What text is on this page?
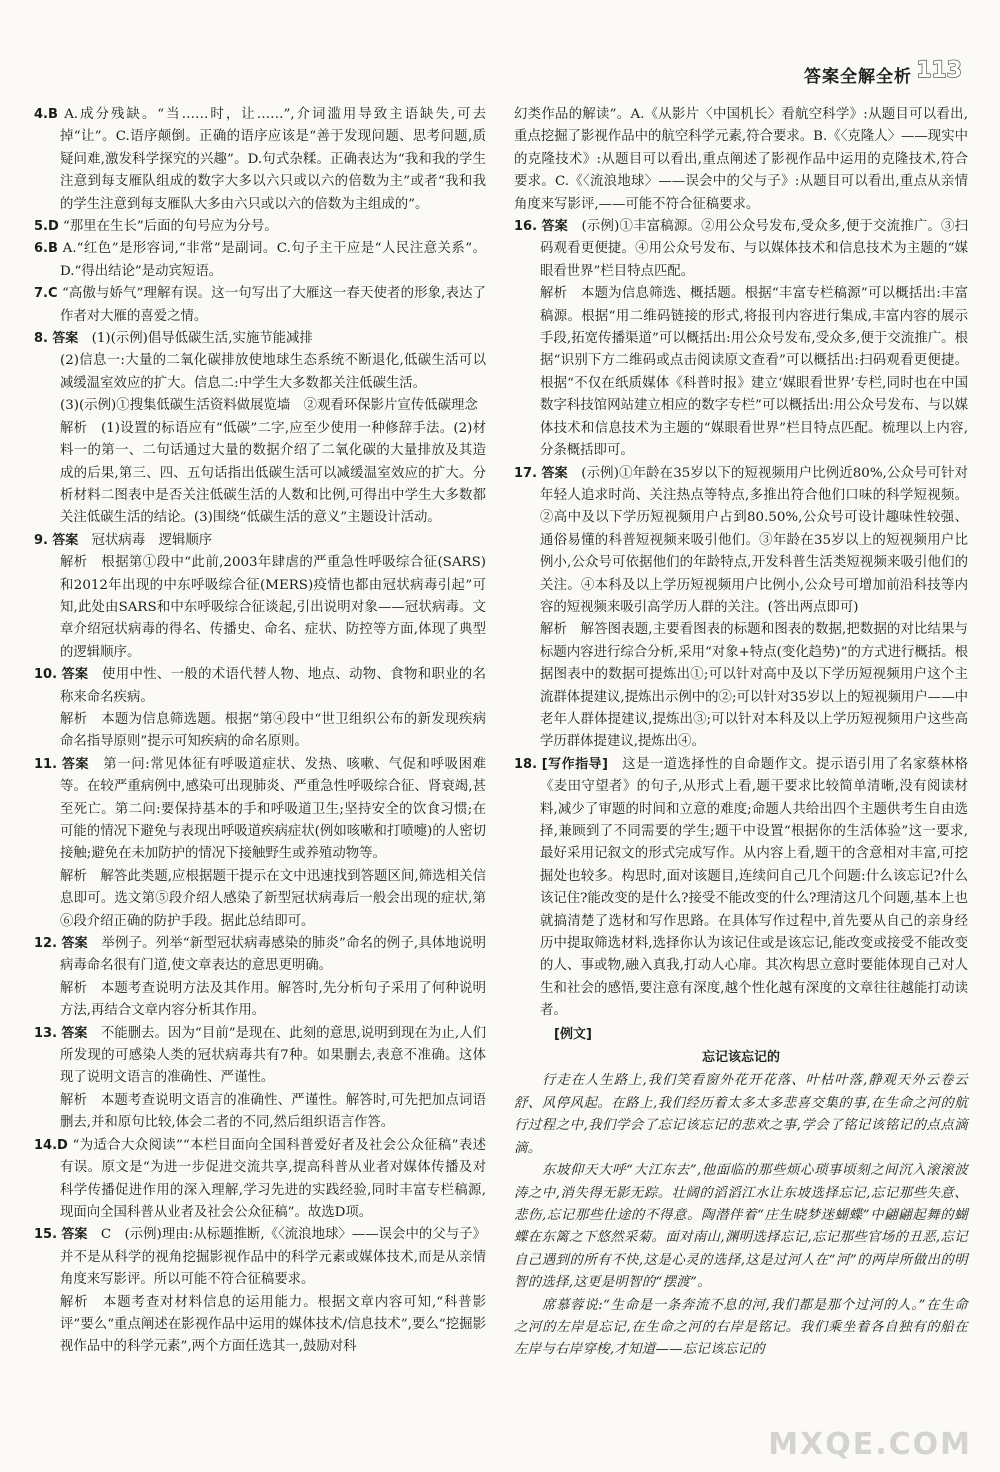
答案全解全析 113

4.B A.成分残缺。“当……时，让……”,介词滥用导致主语缺失,可去掉“让”。C.语序颠倒。正确的语序应该是“善于发现问题、思考问题,质疑问难,激发科学探究的兴趣”。D.句式杂糅。正确表达为“我和我的学生注意到每支雁队组成的数字大多以六只或以六的倍数为主”或者“我和我的学生注意到每支雁队大多由六只或以六的倍数为主组成的”。

5.D “那里在生长”后面的句号应为分号。

6.B A.“红色”是形容词,“非常”是副词。C.句子主干应是“人民注意关系”。D.“得出结论”是动宾短语。

7.C “高傲与娇气”理解有误。这一句写出了大雁这一春天使者的形象,表达了作者对大雁的喜爱之情。

8. 答案　 (1)(示例)倡导低碳生活,实施节能减排

(2)信息一:大量的二氧化碳排放使地球生态系统不断退化,低碳生活可以减缓温室效应的扩大。信息二:中学生大多数都关注低碳生活。

(3)(示例)①搜集低碳生活资料做展览墙　②观看环保影片宣传低碳理念

解析　(1)设置的标语应有“低碳”二字,应至少使用一种修辞手法。(2)材料一的第一、二句话通过大量的数据介绍了二氧化碳的大量排放及其造成的后果,第三、四、五句话指出低碳生活可以减缓温室效应的扩大。分析材料二图表中是否关注低碳生活的人数和比例,可得出中学生大多数都关注低碳生活的结论。(3)围绕“低碳生活的意义”主题设计活动。

9. 答案　 冠状病毒　逻辑顺序

解析　根据第①段中“此前,2003年肆虐的严重急性呼吸综合征(SARS)和2012年出现的中东呼吸综合征(MERS)疫情也都由冠状病毒引起”可知,此处由SARS和中东呼吸综合征谈起,引出说明对象——冠状病毒。文章介绍冠状病毒的得名、传播史、命名、症状、防控等方面,体现了典型的逻辑顺序。

10. 答案　 使用中性、一般的术语代替人物、地点、动物、食物和职业的名称来命名疾病。

解析　本题为信息筛选题。根据“第④段中“世卫组织公布的新发现疾病命名指导原则”提示可知疾病的命名原则。

11. 答案　 第一问:常见体征有呼吸道症状、发热、咳嗽、气促和呼吸困难等。在较严重病例中,感染可出现肺炎、严重急性呼吸综合征、肾衰竭,甚至死亡。第二问:要保持基本的手和呼吸道卫生;坚持安全的饮食习惯;在可能的情况下避免与表现出呼吸道疾病症状(例如咳嗽和打喷嚏)的人密切接触;避免在未加防护的情况下接触野生或养殖动物等。

解析　解答此类题,应根据题干提示在文中迅速找到答题区间,筛选相关信息即可。选文第⑤段介绍人感染了新型冠状病毒后一般会出现的症状,第⑥段介绍正确的防护手段。据此总结即可。

12. 答案　 举例子。列举“新型冠状病毒感染的肺炎”命名的例子,具体地说明病毒命名很有门道,使文章表达的意思更明确。

解析　本题考查说明方法及其作用。解答时,先分析句子采用了何种说明方法,再结合文章内容分析其作用。

13. 答案　 不能删去。因为“目前”是现在、此刻的意思,说明到现在为止,人们所发现的可感染人类的冠状病毒共有7种。如果删去,表意不准确。这体现了说明文语言的准确性、严谨性。

解析　本题考查说明文语言的准确性、严谨性。解答时,可先把加点词语删去,并和原句比较,体会二者的不同,然后组织语言作答。

14.D “为适合大众阅读”“本栏目面向全国科普爱好者及社会公众征稿”表述有误。原文是“为进一步促进交流共享,提高科普从业者对媒体传播及对科学传播促进作用的深入理解,学习先进的实践经验,同时丰富专栏稿源,现面向全国科普从业者及社会公众征稿”。故选D项。

15. 答案　 C　(示例)理由:从标题推断,《〈流浪地球〉——误会中的父与子》并不是从科学的视角挖掘影视作品中的科学元素或媒体技术,而是从亲情角度来写影评。所以可能不符合征稿要求。

解析　本题考查对材料信息的运用能力。根据文章内容可知,“科普影评”要么“重点阐述在影视作品中运用的媒体技术/信息技术”,要么“挖掘影视作品中的科学元素”,两个方面任选其一,鼓励对科

幻类作品的解读”。A.《从影片〈中国机长〉看航空科学》:从题目可以看出,重点挖掘了影视作品中的航空科学元素,符合要求。B.《〈克隆人〉——现实中的克隆技术》:从题目可以看出,重点阐述了影视作品中运用的克隆技术,符合要求。C.《〈流浪地球〉——误会中的父与子》:从题目可以看出,重点从亲情角度来写影评,——可能不符合征稿要求。

16. 答案　 (示例)①丰富稿源。②用公众号发布,受众多,便于交流推广。③扫码观看更便捷。④用公众号发布、与以媒体技术和信息技术为主题的“媒眼看世界”栏目特点匹配。

解析　本题为信息筛选、概括题。根据“丰富专栏稿源”可以概括出:丰富稿源。根据“用二维码链接的形式,将报刊内容进行集成,丰富内容的展示手段,拓宽传播渠道”可以概括出:用公众号发布,受众多,便于交流推广。根据“识别下方二维码或点击阅读原文查看”可以概括出:扫码观看更便捷。根据“不仅在纸质媒体《科普时报》建立‘媒眼看世界’专栏,同时也在中国数字科技馆网站建立相应的数字专栏”可以概括出:用公众号发布、与以媒体技术和信息技术为主题的“媒眼看世界”栏目特点匹配。梳理以上内容,分条概括即可。

17. 答案　 (示例)①年龄在35岁以下的短视频用户比例近80%,公众号可针对年轻人追求时尚、关注热点等特点,多推出符合他们口味的科学短视频。②高中及以下学历短视频用户占到80.50%,公众号可设计趣味性较强、通俗易懂的科普短视频来吸引他们。③年龄在35岁以上的短视频用户比例小,公众号可依据他们的年龄特点,开发科普生活类短视频来吸引他们的关注。④本科及以上学历短视频用户比例小,公众号可增加前沿科技等内容的短视频来吸引高学历人群的关注。(答出两点即可)

解析　解答图表题,主要看图表的标题和图表的数据,把数据的对比结果与标题内容进行综合分析,采用“对象+特点(变化趋势)”的方式进行概括。根据图表中的数据可提炼出①;可以针对高中及以下学历短视频用户这个主流群体提建议,提炼出示例中的②;可以针对35岁以上的短视频用户——中老年人群体提建议,提炼出③;可以针对本科及以上学历短视频用户这些高学历群体提建议,提炼出④。

18. [写作指导]　 这是一道选择性的自命题作文。提示语引用了名家蔡林格《麦田守望者》的句子,从形式上看,题干要求比较简单清晰,没有阅读材料,减少了审题的时间和立意的难度;命题人共给出四个主题供考生自由选择,兼顾到了不同需要的学生;题干中设置“根据你的生活体验”这一要求,最好采用记叙文的形式完成写作。从内容上看,题干的含意相对丰富,可挖掘处也较多。构思时,面对该题目,连续问自己几个问题:什么该忘记?什么该记住?能改变的是什么?接受不能改变的什么?理清这几个问题,基本上也就搞清楚了选材和写作思路。在具体写作过程中,首先要从自己的亲身经历中提取筛选材料,选择你认为该记住或是该忘记,能改变或接受不能改变的人、事或物,融入真我,打动人心扉。其次构思立意时要能体现自己对人生和社会的感悟,要注意有深度,越个性化越有深度的文章往往越能打动读者。

[例文]
忘记该忘记的

行走在人生路上,我们笑看窗外花开花落、叶枯叶落,静观天外云卷云舒、风停风起。在路上,我们经历着太多太多悲喜交集的事,在生命之河的航行过程之中,我们学会了忘记该忘记的悲欢之事,学会了铭记该铭记的点点滴滴。

东坡仰天大呼“大江东去”,他面临的那些烦心琐事顷刻之间沉入滚滚波涛之中,消失得无影无踪。壮阔的滔滔江水让东坡选择忘记,忘记那些失意、悲伤,忘记那些仕途的不得意。陶潜伴着“庄生晓梦迷蝴蝶”中翩翩起舞的蝴蝶在东篱之下悠然采菊。面对南山,渊明选择忘记,忘记那些官场的丑恶,忘记自己遇到的所有不快,这是心灵的选择,这是过河人在“河”的两岸所做出的明智的选择,这更是明智的“摆渡”。

席慕蓉说:“生命是一条奔流不息的河,我们都是那个过河的人。”在生命之河的左岸是忘记,在生命之河的右岸是铭记。我们乘坐着各自独有的船在左岸与右岸穿梭,才知道——忘记该忘记的

MXQE.COM
